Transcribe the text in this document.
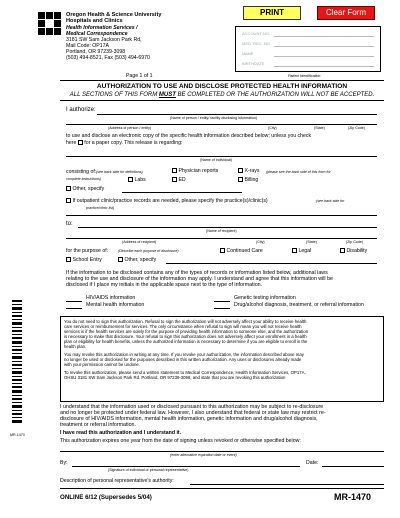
Oregon Health & Science University
Hospitals and Clinics
Health Information Services /
Medical Correspondence
3181 SW Sam Jackson Park Rd,
Mail Code: OP17A
Portland, OR 97239-3098
(503) 494-8521, Fax (503) 494-6970
Page 1 of 1
PRINT	Clear Form
ACCOUNT NO.
MED. REC. NO.
NAME
BIRTHDATE
Patient Identification
AUTHORIZATION TO USE AND DISCLOSE PROTECTED HEALTH INFORMATION
ALL SECTIONS OF THIS FORM MUST BE COMPLETED OR THE AUTHORIZATION WILL NOT BE ACCEPTED.
I authorize:
(Name of person / entity/ facility disclosing information)
(Address of person / entity)	(City)	(State)	(Zip Code)
to use and disclose an electronic copy of the specific health information described below; unless you check
here for a paper copy. This release is regarding:
(Name of individual)
consisting of: (see back side for definitions)
complete instructions)
Physician reports	X-rays (please see the back side of this form for
Labs	ED	Billing
Other, specify
If outpatient clinic/practice records are needed, please specify the practice(s)/clinic(s)	(see back side for
practice/clinic list)
to:
(Name of recipient)
(Address of recipient)	(City)	(State)	(Zip Code)
for the purpose of:	(Describe each purpose of disclosure)	Continued Care	Legal	Disability
School Entry	Other, specify
If the information to be disclosed contains any of the types of records or information listed below, additional laws
relating to the use and disclosure of the information may apply. I understand and agree that this information will be
disclosed if I place my initials in the applicable space next to the type of information.
HIV/AIDS information	Genetic testing information
Mental health information	Drug/alcohol diagnosis, treatment, or referral information
You do not need to sign this authorization. Refusal to sign the authorization will not adversely affect your ability to receive health
care services or reimbursement for services. The only circumstance when refusal to sign will mean you will not receive health
services is if the health services are solely for the purpose of providing health information to someone else, and the authorization
is necessary to make that disclosure. Your refusal to sign this authorization does not adversely affect your enrollment in a health
plan or eligibility for health benefits, unless the authorized information is necessary to determine if you are eligible to enroll in the
health plan.
You may revoke this authorization in writing at any time. If you revoke your authorization, the information described above may
no longer be used or disclosed for the purposes described in this written authorization. Any uses or disclosures already made
with your permission cannot be undone.
To revoke this authorization, please send a written statement to Medical Correspondence, Health Information Services, OP17A,
OHSU 3181 SW Sam Jackson Park Rd. Portland, OR 97239-3098, and state that you are revoking this authorization
I understand that the information used or disclosed pursuant to this authorization may be subject to re-disclosure
and no longer be protected under federal law. However, I also understand that federal or state law may restrict re-
disclosure of HIV/AIDS information, mental health information, genetic information and drug/alcohol diagnosis,
treatment or referral information.
I have read this authorization and I understand it.
This authorization expires one year from the date of signing unless revoked or otherwise specified below:
(enter alternative expiration date or event)
By:	Date:
(Signature of individual or personal representative)
Description of personal representative's authority:
ONLINE 6/12 (Supersedes 5/04)	MR-1470
MR-1470
